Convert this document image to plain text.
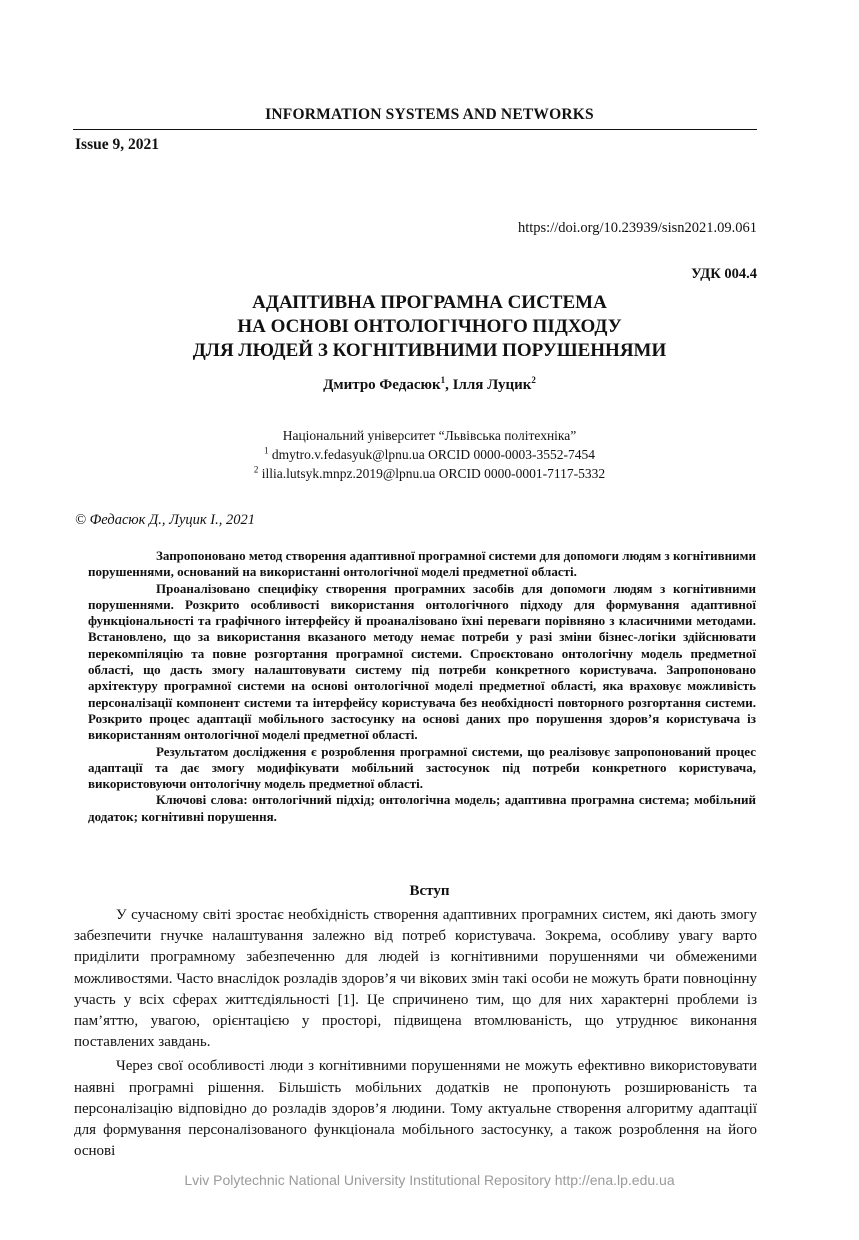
INFORMATION SYSTEMS AND NETWORKS
Issue 9, 2021
https://doi.org/10.23939/sisn2021.09.061
УДК 004.4
АДАПТИВНА ПРОГРАМНА СИСТЕМА
НА ОСНОВІ ОНТОЛОГІЧНОГО ПІДХОДУ
ДЛЯ ЛЮДЕЙ З КОГНІТИВНИМИ ПОРУШЕННЯМИ
Дмитро Федасюк$^1$, Ілля Луцик$^2$
Національний університет “Львівська політехніка”
$^1$ dmytro.v.fedasyuk@lpnu.ua ORCID 0000-0003-3552-7454
$^2$ illia.lutsyk.mnpz.2019@lpnu.ua ORCID 0000-0001-7117-5332
© Федасюк Д., Луцик І., 2021

Запропоновано метод створення адаптивної програмної системи для допомоги людям з когнітивними порушеннями, оснований на використанні онтологічної моделі предметної області.

Проаналізовано специфіку створення програмних засобів для допомоги людям з когнітивними порушеннями. Розкрито особливості використання онтологічного підходу для формування адаптивної функціональності та графічного інтерфейсу й проаналізовано їхні переваги порівняно з класичними методами. Встановлено, що за використання вказаного методу немає потреби у разі зміни бізнес-логіки здійснювати перекомпіляцію та повне розгортання програмної системи. Спроєктовано онтологічну модель предметної області, що дасть змогу налаштовувати систему під потреби конкретного користувача. Запропоновано архітектуру програмної системи на основі онтологічної моделі предметної області, яка враховує можливість персоналізації компонент системи та інтерфейсу користувача без необхідності повторного розгортання системи. Розкрито процес адаптації мобільного застосунку на основі даних про порушення здоров’я користувача із використанням онтологічної моделі предметної області.

Результатом дослідження є розроблення програмної системи, що реалізовує запропонований процес адаптації та дає змогу модифікувати мобільний застосунок під потреби конкретного користувача, використовуючи онтологічну модель предметної області.

Ключові слова: онтологічний підхід; онтологічна модель; адаптивна програмна система; мобільний додаток; когнітивні порушення.

Вступ

У сучасному світі зростає необхідність створення адаптивних програмних систем, які дають змогу забезпечити гнучке налаштування залежно від потреб користувача. Зокрема, особливу увагу варто приділити програмному забезпеченню для людей із когнітивними порушеннями чи обмеженими можливостями. Часто внаслідок розладів здоров’я чи вікових змін такі особи не можуть брати повноцінну участь у всіх сферах життєдіяльності [1]. Це спричинено тим, що для них характерні проблеми із пам’яттю, увагою, орієнтацією у просторі, підвищена втомлюваність, що утруднює виконання поставлених завдань.

Через свої особливості люди з когнітивними порушеннями не можуть ефективно використовувати наявні програмні рішення. Більшість мобільних додатків не пропонують розширюваність та персоналізацію відповідно до розладів здоров’я людини. Тому актуальне створення алгоритму адаптації для формування персоналізованого функціонала мобільного застосунку, а також розроблення на його основі

Lviv Polytechnic National University Institutional Repository http://ena.lp.edu.ua
